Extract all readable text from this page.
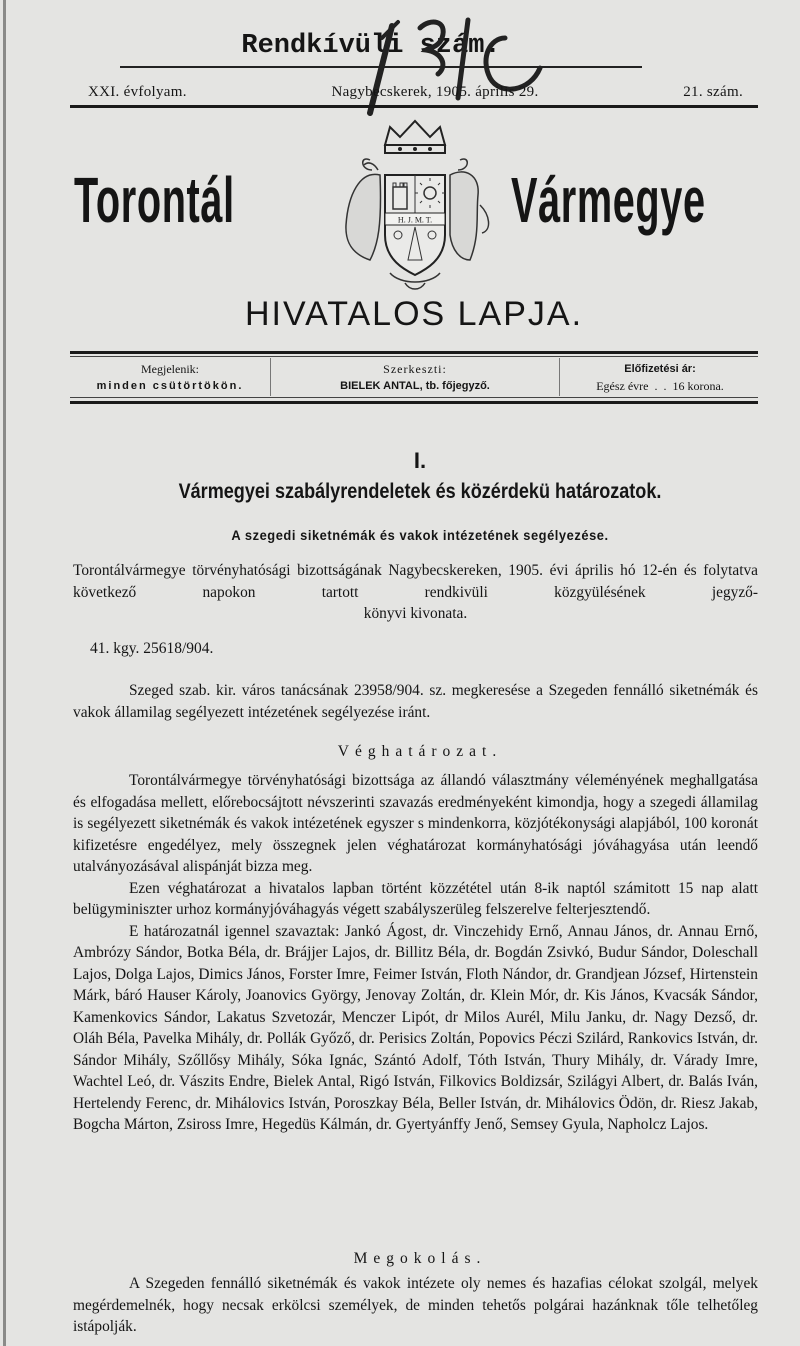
Rendkívüli szám.
XXI. évfolyam.	Nagybecskerek, 1905. április 29.	21. szám.
Torontál	H. J. M. T. Vármegye
HIVATALOS LAPJA.
Megjelenik:
minden csütörtökön.
Szerkeszti:
BIELEK ANTAL, tb. főjegyző.
Előfizetési ár:
Egész évre  .  .  16 korona.
I.
Vármegyei szabályrendeletek és közérdekü határozatok.
A szegedi siketnémák és vakok intézetének segélyezése.

Torontálvármegye törvényhatósági bizottságának Nagybecskereken, 1905. évi április hó 12-én és folytatva következő napokon tartott rendkivüli közgyülésének jegyző-

könyvi kivonata.

41. kgy. 25618/904.

Szeged szab. kir. város tanácsának 23958/904. sz. megkeresése a Szegeden fennálló siketnémák és vakok államilag segélyezett intézetének segélyezése iránt.

Véghatározat.

Torontálvármegye törvényhatósági bizottsága az állandó választmány véleményének meghallgatása és elfogadása mellett, előrebocsájtott névszerinti szavazás eredményeként kimondja, hogy a szegedi államilag is segélyezett siketnémák és vakok intézetének egyszer s mindenkorra, közjótékonysági alapjából, 100 koronát kifizetésre engedélyez, mely összegnek jelen véghatározat kormányhatósági jóváhagyása után leendő utalványozásával alispánját bizza meg.

Ezen véghatározat a hivatalos lapban történt közzététel után 8-ik naptól számitott 15 nap alatt belügyminiszter urhoz kormányjóváhagyás végett szabályszerüleg felszerelve felterjesztendő.

E határozatnál igennel szavaztak: Jankó Ágost, dr. Vinczehidy Ernő, Annau János, dr. Annau Ernő, Ambrózy Sándor, Botka Béla, dr. Brájjer Lajos, dr. Billitz Béla, dr. Bogdán Zsivkó, Budur Sándor, Doleschall Lajos, Dolga Lajos, Dimics János, Forster Imre, Feimer István, Floth Nándor, dr. Grandjean József, Hirtenstein Márk, báró Hauser Károly, Joanovics György, Jenovay Zoltán, dr. Klein Mór, dr. Kis János, Kvacsák Sándor, Kamenkovics Sándor, Lakatus Szvetozár, Menczer Lipót, dr Milos Aurél, Milu Janku, dr. Nagy Dezső, dr. Oláh Béla, Pavelka Mihály, dr. Pollák Győző, dr. Perisics Zoltán, Popovics Péczi Szilárd, Rankovics István, dr. Sándor Mihály, Szőllősy Mihály, Sóka Ignác, Szántó Adolf, Tóth István, Thury Mihály, dr. Várady Imre, Wachtel Leó, dr. Vászits Endre, Bielek Antal, Rigó István, Filkovics Boldizsár, Szilágyi Albert, dr. Balás Iván, Hertelendy Ferenc, dr. Mihálovics István, Poroszkay Béla, Beller István, dr. Mihálovics Ödön, dr. Riesz Jakab, Bogcha Márton, Zsiross Imre, Hegedüs Kálmán, dr. Gyertyánffy Jenő, Semsey Gyula, Napholcz Lajos.

Megokolás.

A Szegeden fennálló siketnémák és vakok intézete oly nemes és hazafias célokat szolgál, melyek megérdemelnék, hogy necsak erkölcsi személyek, de minden tehetős polgárai hazánknak tőle telhetőleg istápolják.
